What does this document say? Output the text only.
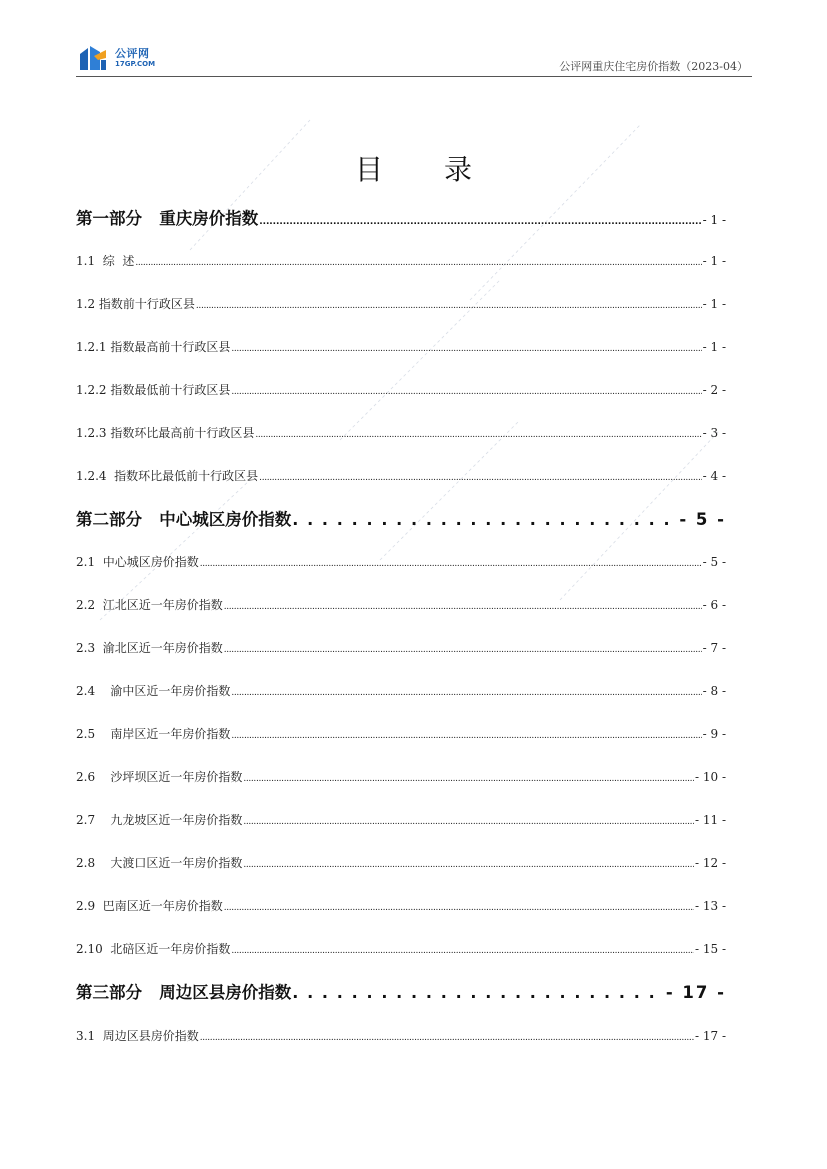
公评网
17GP.COM	公评网重庆住宅房价指数（2023-04）
目 录
第一部分   重庆房价指数 . . .	- 1 -
1.1  综  述 . . .	- 1 -
1.2 指数前十行政区县 . . .	- 1 -
1.2.1 指数最高前十行政区县 . . .	- 1 -
1.2.2 指数最低前十行政区县 . . .	- 2 -
1.2.3 指数环比最高前十行政区县 . . .	- 3 -
1.2.4  指数环比最低前十行政区县 . . .	- 4 -
第二部分   中心城区房价指数 . . .	- 5 -
2.1  中心城区房价指数 . . .	- 5 -
2.2  江北区近一年房价指数 . . .	- 6 -
2.3  渝北区近一年房价指数 . . .	- 7 -
2.4    渝中区近一年房价指数 . . .	- 8 -
2.5    南岸区近一年房价指数 . . .	- 9 -
2.6    沙坪坝区近一年房价指数 . . .	- 10 -
2.7    九龙坡区近一年房价指数 . . .	- 11 -
2.8    大渡口区近一年房价指数 . . .	- 12 -
2.9  巴南区近一年房价指数 . . .	- 13 -
2.10  北碚区近一年房价指数 . . .	- 15 -
第三部分   周边区县房价指数 . . .	- 17 -
3.1  周边区县房价指数 . . .	- 17 -
